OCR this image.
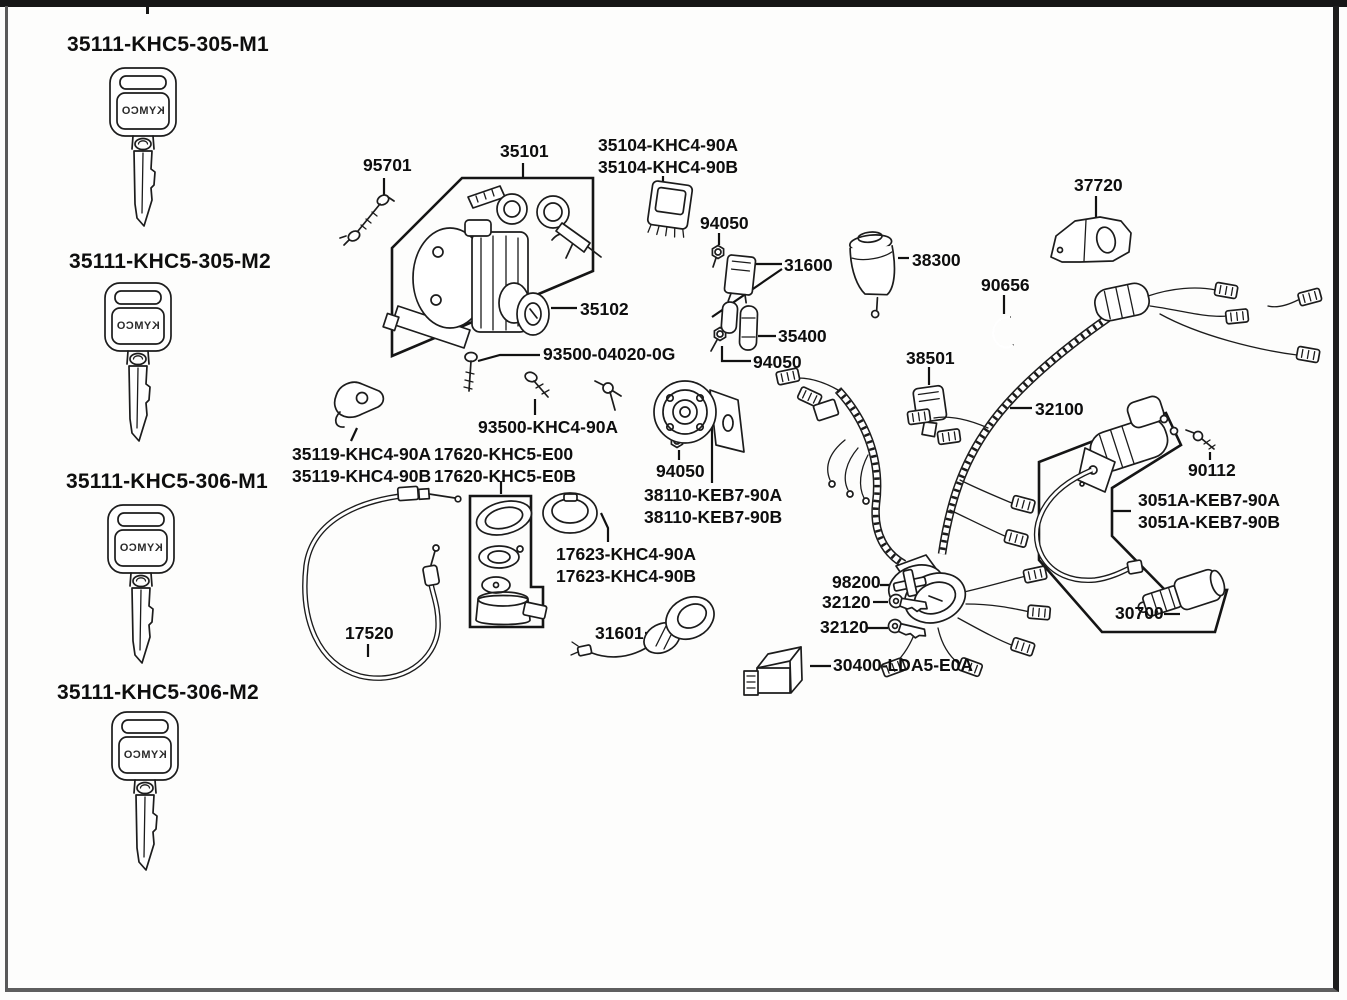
KYMCO 35111-KHC5-305-M1
35111-KHC5-305-M2
35111-KHC5-306-M1
35111-KHC5-306-M2
95701
35101	35104-KHC4-90A
35104-KHC4-90B
94050
31600	38300
37720
90656
35400
94050
93500-04020-0G	38501
32100
93500-KHC4-90A
35119-KHC4-90A
35119-KHC4-90B
17620-KHC5-E00
17620-KHC5-E0B	94050
38110-KEB7-90A
38110-KEB7-90B
17623-KHC4-90A
17623-KHC4-90B
35102
98200
32120
32120
17520	31601
30400-LDA5-E0A
90112
3051A-KEB7-90A
3051A-KEB7-90B
30700
